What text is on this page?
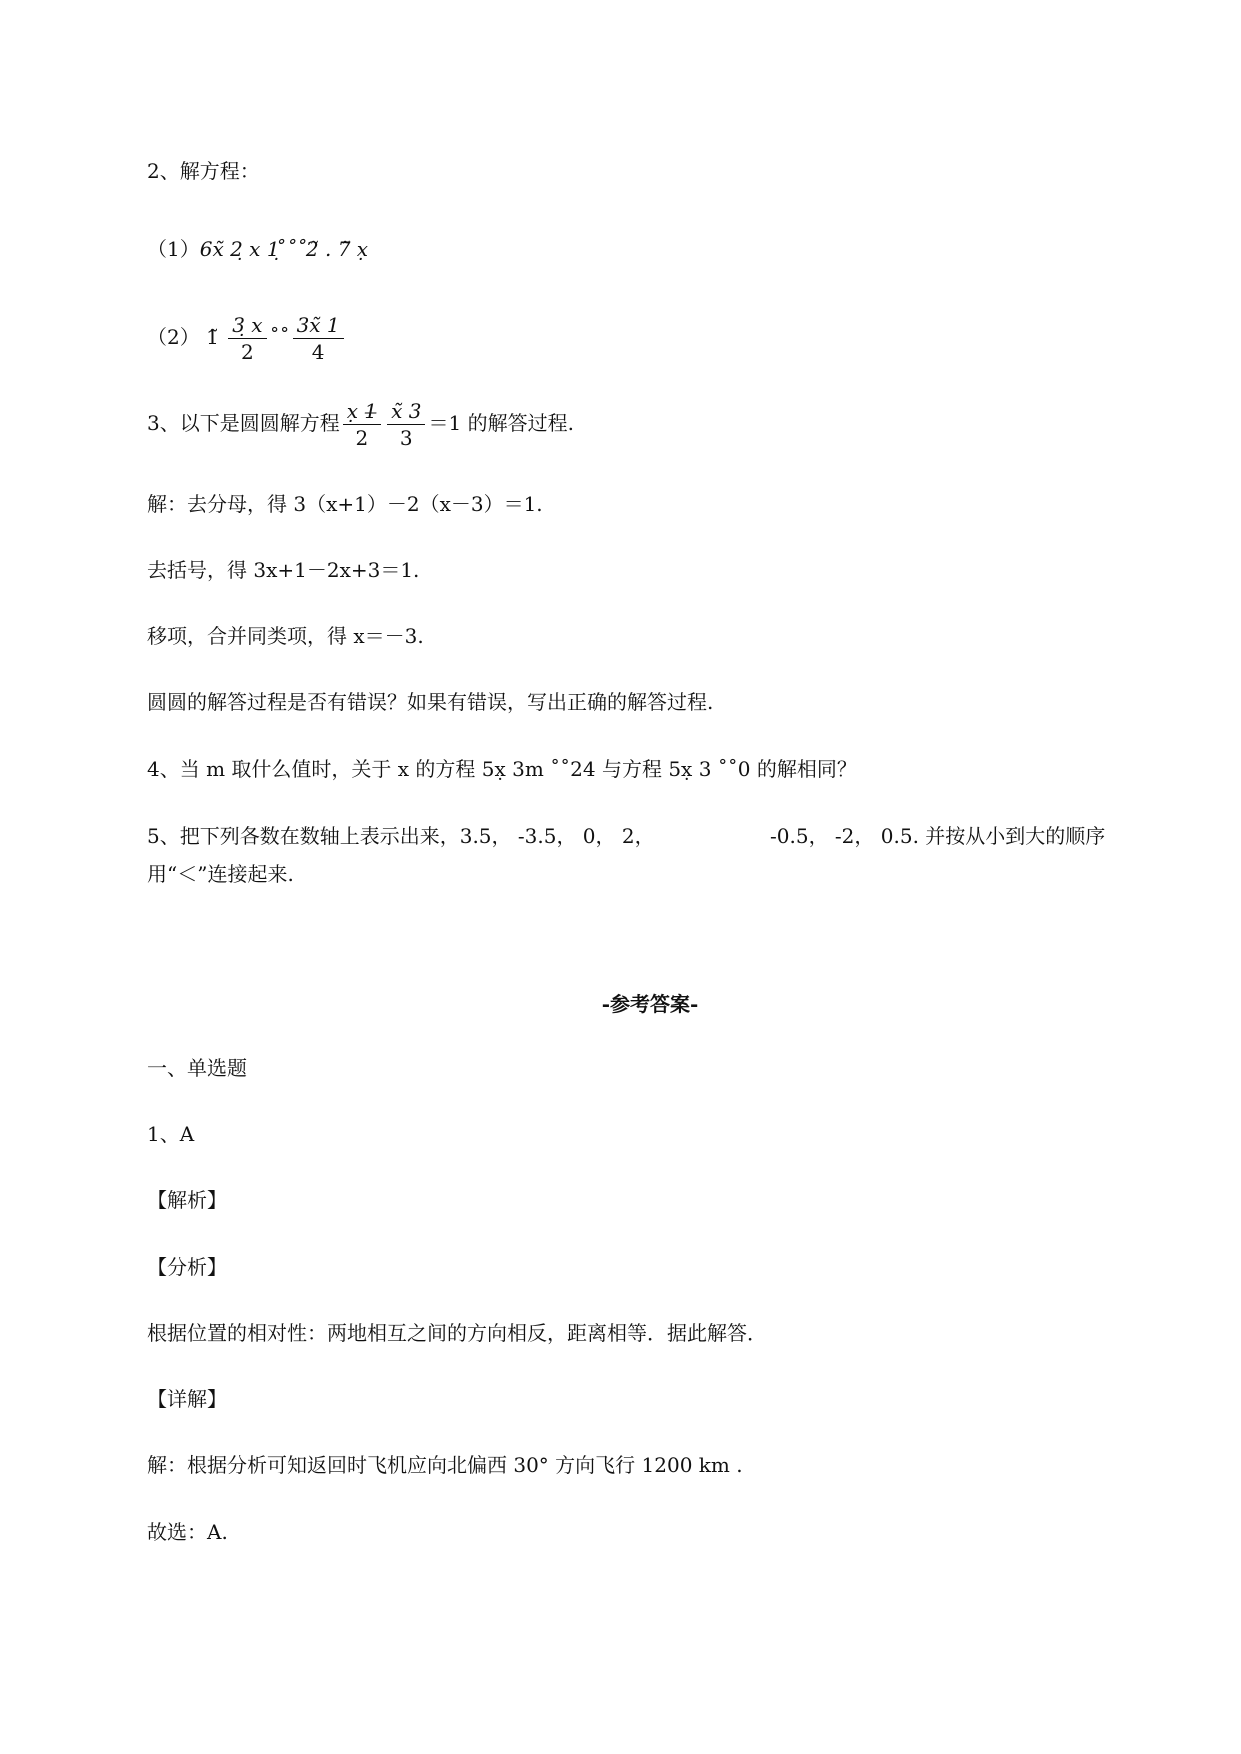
2、解方程：
（1）6x̃ 2̣ x 1̣ ̊˚˚2̃ . 7̃ x̣
（2） 1̃ $\frac{3̣ x}{2}$ ˚˚ $\frac{3x̃ 1}{4}$
3、以下是圆圆解方程 $\frac{x̣ 1̶}{2} \frac{x̃ 3}{3} =1$ 的解答过程.
解：去分母，得 3（x+1）－2（x－3）＝1.
去括号，得 3x+1－2x+3＝1.
移项，合并同类项，得 x＝－3.
圆圆的解答过程是否有错误？如果有错误，写出正确的解答过程.
4、当 m 取什么值时，关于 x 的方程 5x̣ 3m ˚˚24 与方程 5x̣ 3 ˚˚0 的解相同？
5、把下列各数在数轴上表示出来，3.5， -3.5， 0， 2，	-0.5， -2， 0.5. 并按从小到大的顺序
用“＜”连接起来.
-参考答案-
一、单选题
1、A
【解析】
【分析】
根据位置的相对性：两地相互之间的方向相反，距离相等．据此解答．
【详解】
解：根据分析可知返回时飞机应向北偏西 30° 方向飞行 1200 km .
故选：A.
